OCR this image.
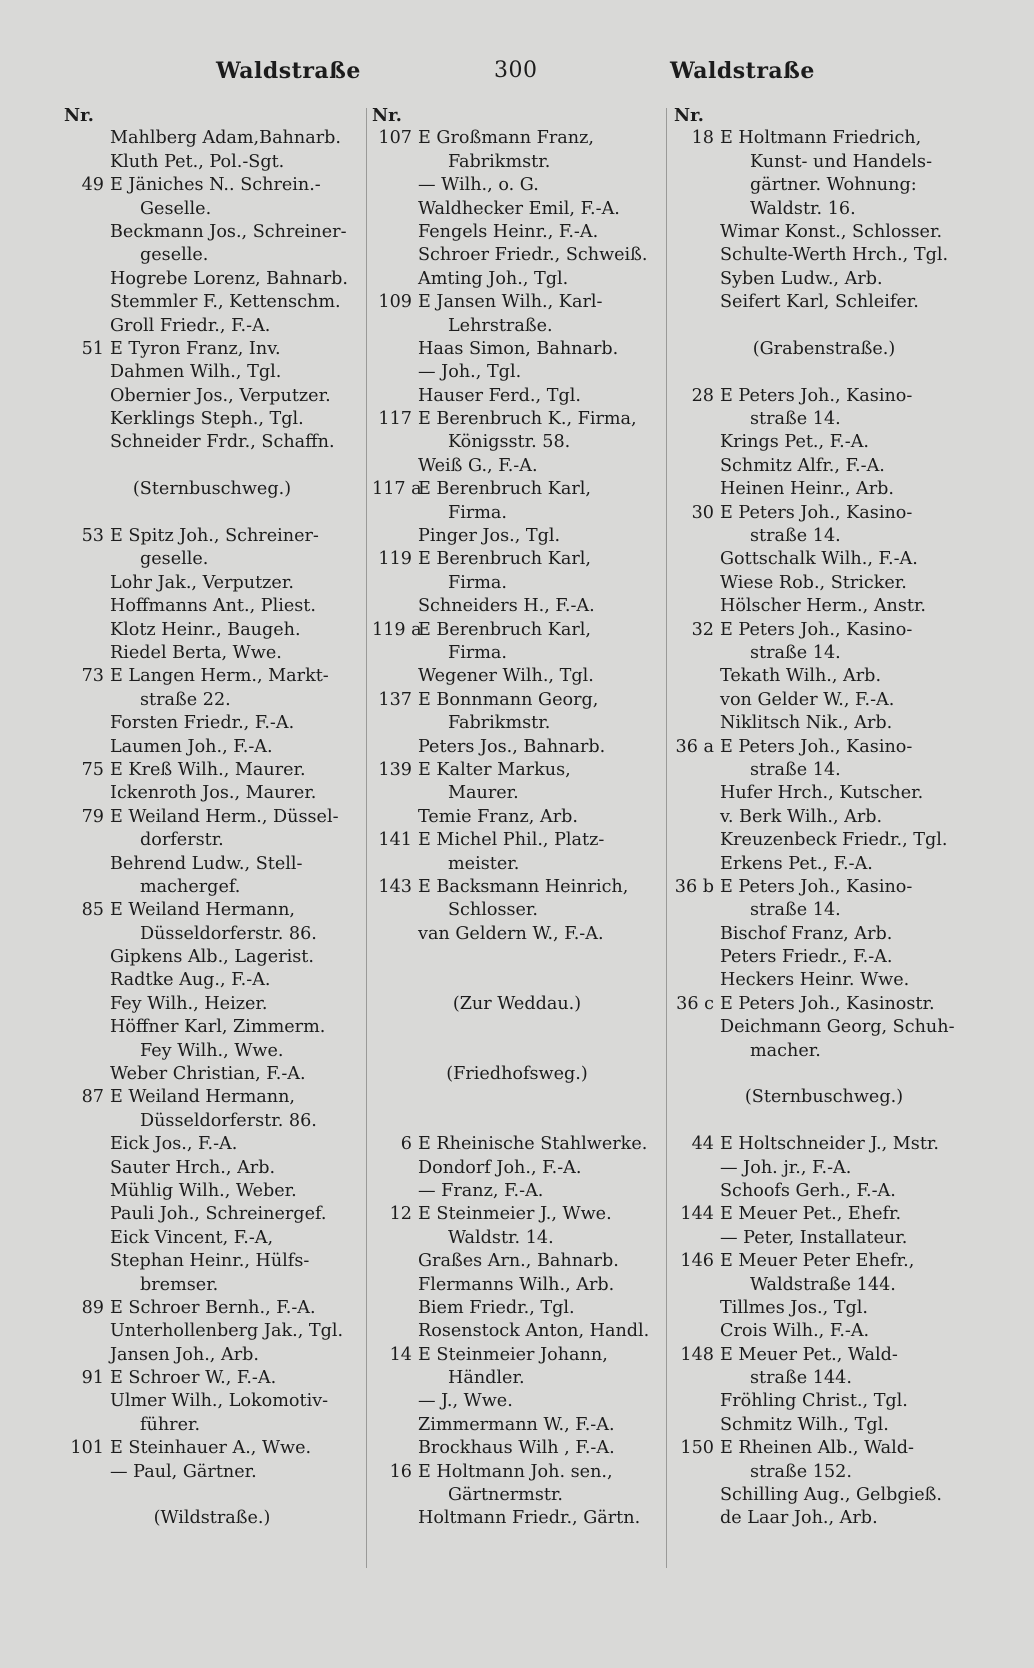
Waldstraße	300	Waldstraße
Nr.
Mahlberg Adam,Bahnarb.
Kluth Pet., Pol.-Sgt.
49 E Jäniches N.. Schrein.-
Geselle.
Beckmann Jos., Schreiner-
geselle.
Hogrebe Lorenz, Bahnarb.
Stemmler F., Kettenschm.
Groll Friedr., F.-A.
51 E Tyron Franz, Inv.
Dahmen Wilh., Tgl.
Obernier Jos., Verputzer.
Kerklings Steph., Tgl.
Schneider Frdr., Schaffn.
(Sternbuschweg.)
53 E Spitz Joh., Schreiner-
geselle.
Lohr Jak., Verputzer.
Hoffmanns Ant., Pliest.
Klotz Heinr., Baugeh.
Riedel Berta, Wwe.
73 E Langen Herm., Markt-
straße 22.
Forsten Friedr., F.-A.
Laumen Joh., F.-A.
75 E Kreß Wilh., Maurer.
Ickenroth Jos., Maurer.
79 E Weiland Herm., Düssel-
dorferstr.
Behrend Ludw., Stell-
machergef.
85 E Weiland Hermann,
Düsseldorferstr. 86.
Gipkens Alb., Lagerist.
Radtke Aug., F.-A.
Fey Wilh., Heizer.
Höffner Karl, Zimmerm.
Fey Wilh., Wwe.
Weber Christian, F.-A.
87 E Weiland Hermann,
Düsseldorferstr. 86.
Eick Jos., F.-A.
Sauter Hrch., Arb.
Mühlig Wilh., Weber.
Pauli Joh., Schreinergef.
Eick Vincent, F.-A,
Stephan Heinr., Hülfs-
bremser.
89 E Schroer Bernh., F.-A.
Unterhollenberg Jak., Tgl.
Jansen Joh., Arb.
91 E Schroer W., F.-A.
Ulmer Wilh., Lokomotiv-
führer.
101 E Steinhauer A., Wwe.
— Paul, Gärtner.
(Wildstraße.)
Nr.
107 E Großmann Franz,
Fabrikmstr.
— Wilh., o. G.
Waldhecker Emil, F.-A.
Fengels Heinr., F.-A.
Schroer Friedr., Schweiß.
Amting Joh., Tgl.
109 E Jansen Wilh., Karl-
Lehrstraße.
Haas Simon, Bahnarb.
— Joh., Tgl.
Hauser Ferd., Tgl.
117 E Berenbruch K., Firma,
Königsstr. 58.
Weiß G., F.-A.
117 aE Berenbruch Karl,
Firma.
Pinger Jos., Tgl.
119 E Berenbruch Karl,
Firma.
Schneiders H., F.-A.
119 aE Berenbruch Karl,
Firma.
Wegener Wilh., Tgl.
137 E Bonnmann Georg,
Fabrikmstr.
Peters Jos., Bahnarb.
139 E Kalter Markus,
Maurer.
Temie Franz, Arb.
141 E Michel Phil., Platz-
meister.
143 E Backsmann Heinrich,
Schlosser.
van Geldern W., F.-A.
(Zur Weddau.)
(Friedhofsweg.)
6 E Rheinische Stahlwerke.
Dondorf Joh., F.-A.
— Franz, F.-A.
12 E Steinmeier J., Wwe.
Waldstr. 14.
Graßes Arn., Bahnarb.
Flermanns Wilh., Arb.
Biem Friedr., Tgl.
Rosenstock Anton, Handl.
14 E Steinmeier Johann,
Händler.
— J., Wwe.
Zimmermann W., F.-A.
Brockhaus Wilh , F.-A.
16 E Holtmann Joh. sen.,
Gärtnermstr.
Holtmann Friedr., Gärtn.
Nr.
18 E Holtmann Friedrich,
Kunst- und Handels-
gärtner. Wohnung:
Waldstr. 16.
Wimar Konst., Schlosser.
Schulte-Werth Hrch., Tgl.
Syben Ludw., Arb.
Seifert Karl, Schleifer.
(Grabenstraße.)
28 E Peters Joh., Kasino-
straße 14.
Krings Pet., F.-A.
Schmitz Alfr., F.-A.
Heinen Heinr., Arb.
30 E Peters Joh., Kasino-
straße 14.
Gottschalk Wilh., F.-A.
Wiese Rob., Stricker.
Hölscher Herm., Anstr.
32 E Peters Joh., Kasino-
straße 14.
Tekath Wilh., Arb.
von Gelder W., F.-A.
Niklitsch Nik., Arb.
36 a E Peters Joh., Kasino-
straße 14.
Hufer Hrch., Kutscher.
v. Berk Wilh., Arb.
Kreuzenbeck Friedr., Tgl.
Erkens Pet., F.-A.
36 b E Peters Joh., Kasino-
straße 14.
Bischof Franz, Arb.
Peters Friedr., F.-A.
Heckers Heinr. Wwe.
36 c E Peters Joh., Kasinostr.
Deichmann Georg, Schuh-
macher.
(Sternbuschweg.)
44 E Holtschneider J., Mstr.
— Joh. jr., F.-A.
Schoofs Gerh., F.-A.
144 E Meuer Pet., Ehefr.
— Peter, Installateur.
146 E Meuer Peter Ehefr.,
Waldstraße 144.
Tillmes Jos., Tgl.
Crois Wilh., F.-A.
148 E Meuer Pet., Wald-
straße 144.
Fröhling Christ., Tgl.
Schmitz Wilh., Tgl.
150 E Rheinen Alb., Wald-
straße 152.
Schilling Aug., Gelbgieß.
de Laar Joh., Arb.
